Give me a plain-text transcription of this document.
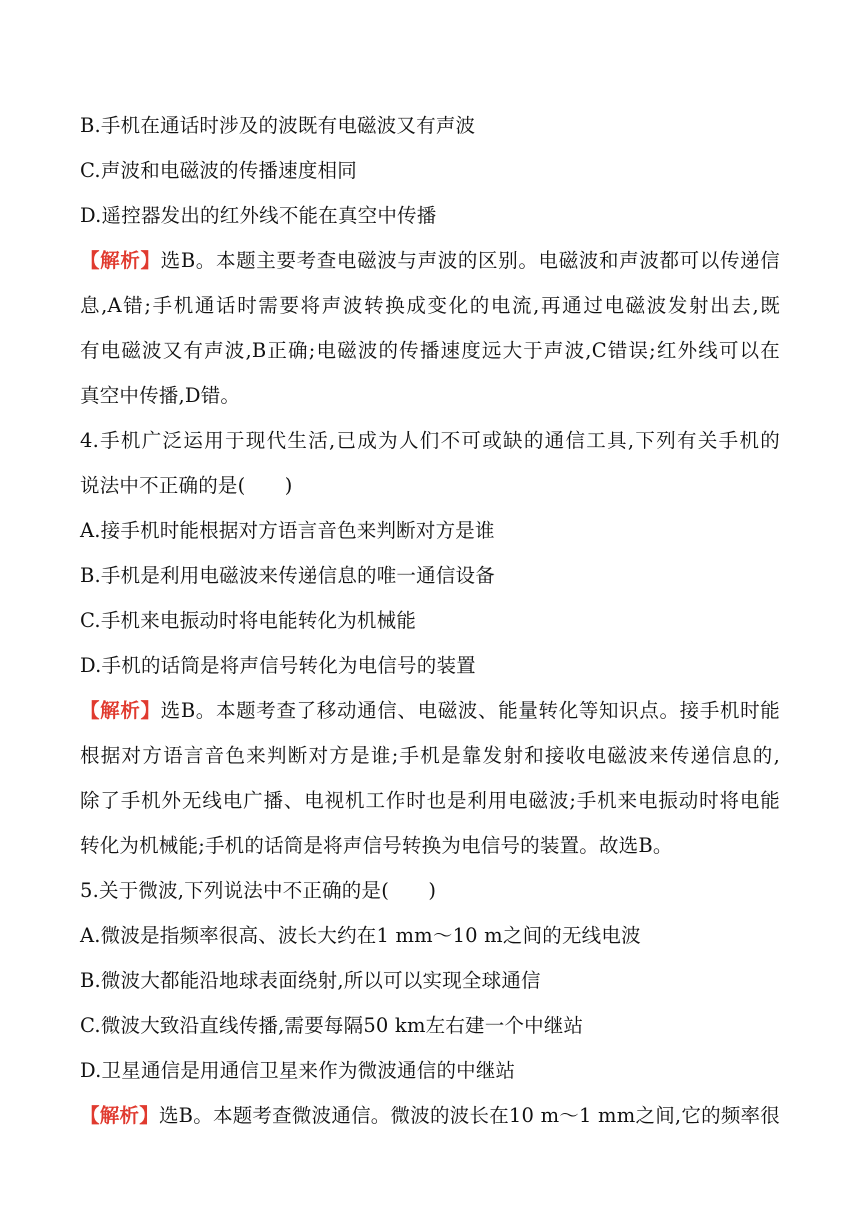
B.手机在通话时涉及的波既有电磁波又有声波
C.声波和电磁波的传播速度相同
D.遥控器发出的红外线不能在真空中传播
【解析】选B。本题主要考查电磁波与声波的区别。电磁波和声波都可以传递信
息,A错;手机通话时需要将声波转换成变化的电流,再通过电磁波发射出去,既
有电磁波又有声波,B正确;电磁波的传播速度远大于声波,C错误;红外线可以在
真空中传播,D错。
4.手机广泛运用于现代生活,已成为人们不可或缺的通信工具,下列有关手机的
说法中不正确的是(　　)
A.接手机时能根据对方语言音色来判断对方是谁
B.手机是利用电磁波来传递信息的唯一通信设备
C.手机来电振动时将电能转化为机械能
D.手机的话筒是将声信号转化为电信号的装置
【解析】选B。本题考查了移动通信、电磁波、能量转化等知识点。接手机时能
根据对方语言音色来判断对方是谁;手机是靠发射和接收电磁波来传递信息的,
除了手机外无线电广播、电视机工作时也是利用电磁波;手机来电振动时将电能
转化为机械能;手机的话筒是将声信号转换为电信号的装置。故选B。
5.关于微波,下列说法中不正确的是(　　)
A.微波是指频率很高、波长大约在1 mm～10 m之间的无线电波
B.微波大都能沿地球表面绕射,所以可以实现全球通信
C.微波大致沿直线传播,需要每隔50 km左右建一个中继站
D.卫星通信是用通信卫星来作为微波通信的中继站
【解析】选B。本题考查微波通信。微波的波长在10 m～1 mm之间,它的频率很
